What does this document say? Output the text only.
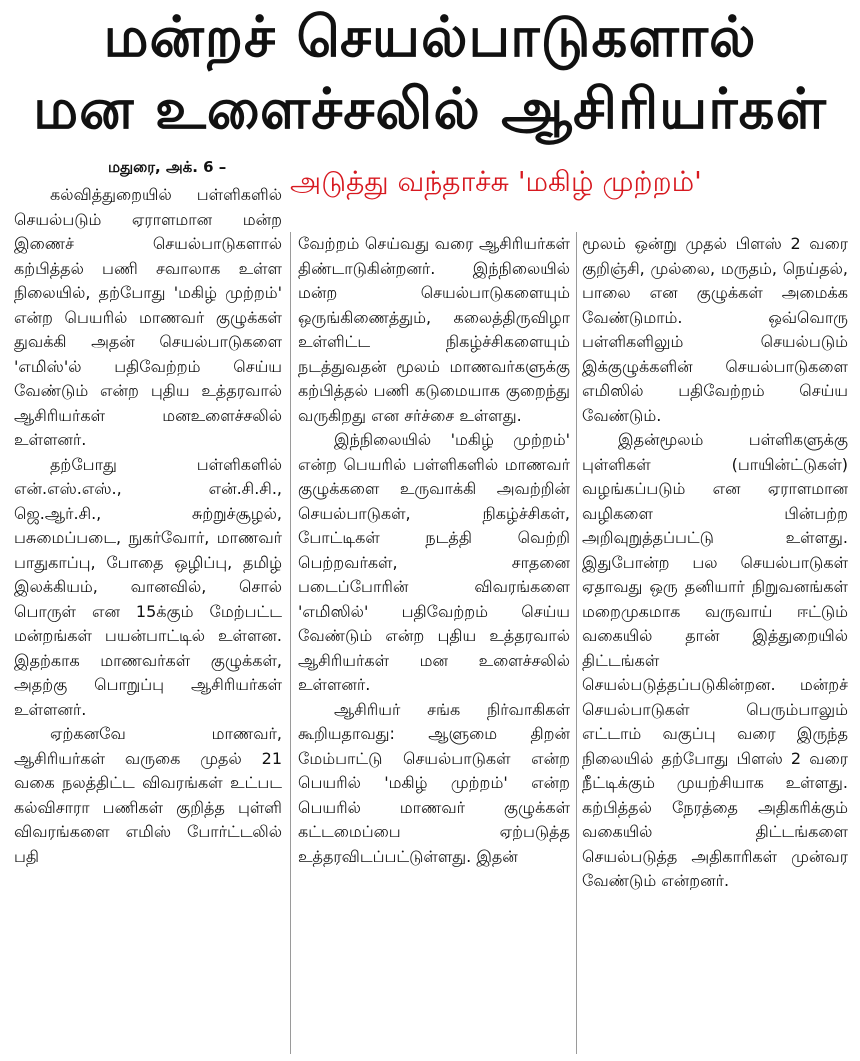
மன்றச் செயல்பாடுகளால்
மன உளைச்சலில் ஆசிரியர்கள்
மதுரை, அக். 6 – அடுத்து வந்தாச்சு 'மகிழ் முற்றம்'

கல்வித்துறையில் பள்ளிகளில் செயல்படும் ஏராளமான மன்ற இணைச் செயல்பாடுகளால் கற்பித்தல் பணி சவாலாக உள்ள நிலையில், தற்போது 'மகிழ் முற்றம்' என்ற பெயரில் மாணவர் குழுக்கள் துவக்கி அதன் செயல்பாடுகளை 'எமிஸ்'ல் பதிவேற்றம் செய்ய வேண்டும் என்ற புதிய உத்தரவால் ஆசிரியர்கள் மனஉளைச்சலில் உள்ளனர்.

தற்போது பள்ளிகளில் என்.எஸ்.எஸ்., என்.சி.சி., ஜெ.ஆர்.சி., சுற்றுச்சூழல், பசுமைப்படை, நுகர்வோர், மாணவர் பாதுகாப்பு, போதை ஒழிப்பு, தமிழ் இலக்கியம், வானவில், சொல் பொருள் என 15க்கும் மேற்பட்ட மன்றங்கள் பயன்பாட்டில் உள்ளன. இதற்காக மாணவர்கள் குழுக்கள், அதற்கு பொறுப்பு ஆசிரியர்கள் உள்ளனர்.

ஏற்கனவே மாணவர், ஆசிரியர்கள் வருகை முதல் 21 வகை நலத்திட்ட விவரங்கள் உட்பட கல்விசாரா பணிகள் குறித்த புள்ளி விவரங்களை எமிஸ் போர்ட்டலில் பதி

வேற்றம் செய்வது வரை ஆசிரியர்கள் திண்டாடுகின்றனர். இந்நிலையில் மன்ற செயல்பாடுகளையும் ஒருங்கிணைத்தும், கலைத்திருவிழா உள்ளிட்ட நிகழ்ச்சிகளையும் நடத்துவதன் மூலம் மாணவர்களுக்கு கற்பித்தல் பணி கடுமையாக குறைந்து வருகிறது என சர்ச்சை உள்ளது.

இந்நிலையில் 'மகிழ் முற்றம்' என்ற பெயரில் பள்ளிகளில் மாணவர் குழுக்களை உருவாக்கி அவற்றின் செயல்பாடுகள், நிகழ்ச்சிகள், போட்டிகள் நடத்தி வெற்றி பெற்றவர்கள், சாதனை படைப்போரின் விவரங்களை 'எமிஸில்' பதிவேற்றம் செய்ய வேண்டும் என்ற புதிய உத்தரவால் ஆசிரியர்கள் மன உளைச்சலில் உள்ளனர்.

ஆசிரியர் சங்க நிர்வாகிகள் கூறியதாவது: ஆளுமை திறன் மேம்பாட்டு செயல்பாடுகள் என்ற பெயரில் 'மகிழ் முற்றம்' என்ற பெயரில் மாணவர் குழுக்கள் கட்டமைப்பை ஏற்படுத்த உத்தரவிடப்பட்டுள்ளது. இதன்

மூலம் ஒன்று முதல் பிளஸ் 2 வரை குறிஞ்சி, முல்லை, மருதம், நெய்தல், பாலை என குழுக்கள் அமைக்க வேண்டுமாம். ஒவ்வொரு பள்ளிகளிலும் செயல்படும் இக்குழுக்களின் செயல்பாடுகளை எமிஸில் பதிவேற்றம் செய்ய வேண்டும்.

இதன்மூலம் பள்ளிகளுக்கு புள்ளிகள் (பாயின்ட்டுகள்) வழங்கப்படும் என ஏராளமான வழிகளை பின்பற்ற அறிவுறுத்தப்பட்டு உள்ளது. இதுபோன்ற பல செயல்பாடுகள் ஏதாவது ஒரு தனியார் நிறுவனங்கள் மறைமுகமாக வருவாய் ஈட்டும் வகையில் தான் இத்துறையில் திட்டங்கள் செயல்படுத்தப்படுகின்றன. மன்றச் செயல்பாடுகள் பெரும்பாலும் எட்டாம் வகுப்பு வரை இருந்த நிலையில் தற்போது பிளஸ் 2 வரை நீட்டிக்கும் முயற்சியாக உள்ளது. கற்பித்தல் நேரத்தை அதிகரிக்கும் வகையில் திட்டங்களை செயல்படுத்த அதிகாரிகள் முன்வர வேண்டும் என்றனர்.
